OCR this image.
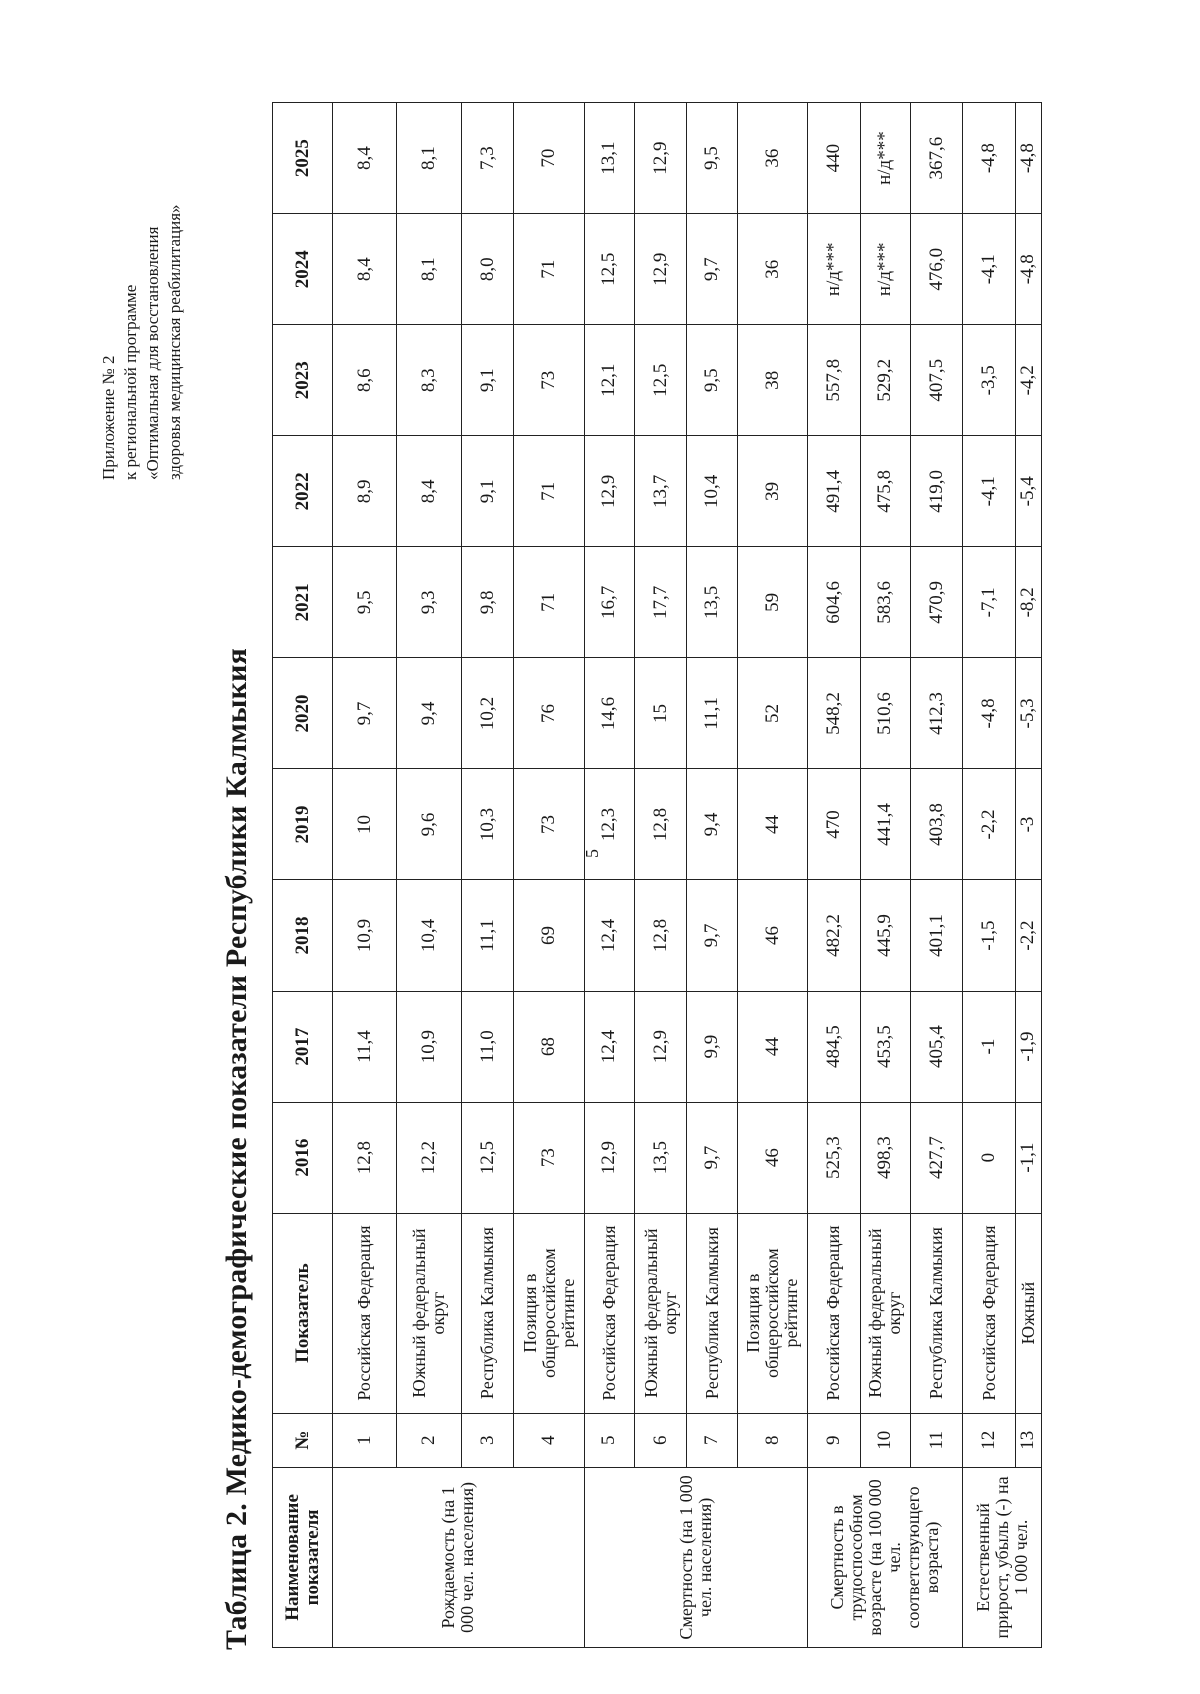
Приложение № 2 к региональной программе «Оптимальная для восстановления здоровья медицинская реабилитация»
Таблица 2. Медико-демографические показатели Республики Калмыкия Наименование показателя	№	Показатель	2016	2017	2018	2019	2020	2021	2022	2023	2024	2025
Рождаемость (на 1 000 чел. населения)	1	Российская Федерация	12,8	11,4	10,9	10	9,7	9,5	8,9	8,6	8,4	8,4
	2	Южный федеральный округ	12,2	10,9	10,4	9,6	9,4	9,3	8,4	8,3	8,1	8,1
	3	Республика Калмыкия	12,5	11,0	11,1	10,3	10,2	9,8	9,1	9,1	8,0	7,3
	4	Позиция в общероссийском рейтинге	73	68	69	73	76	71	71	73	71	70
Смертность (на 1 000 чел. населения)	5	Российская Федерация	12,9	12,4	12,4	12,3	14,6	16,7	12,9	12,1	12,5	13,1
	6	Южный федеральный округ	13,5	12,9	12,8	12,8	15	17,7	13,7	12,5	12,9	12,9
	7	Республика Калмыкия	9,7	9,9	9,7	9,4	11,1	13,5	10,4	9,5	9,7	9,5
	8	Позиция в общероссийском рейтинге	46	44	46	44	52	59	39	38	36	36
Смертность в трудоспособном возрасте (на 100 000 чел. соответствующего возраста)	9	Российская Федерация	525,3	484,5	482,2	470	548,2	604,6	491,4	557,8	н/д***	440
	10	Южный федеральный округ	498,3	453,5	445,9	441,4	510,6	583,6	475,8	529,2	н/д***	н/д***
	11	Республика Калмыкия	427,7	405,4	401,1	403,8	412,3	470,9	419,0	407,5	476,0	367,6
Естественный прирост, убыль (-) на 1 000 чел.	12	Российская Федерация	0	-1	-1,5	-2,2	-4,8	-7,1	-4,1	-3,5	-4,1	-4,8
	13	Южный	-1,1	-1,9	-2,2	-3	-5,3	-8,2	-5,4	-4,2	-4,8	-4,8
5
